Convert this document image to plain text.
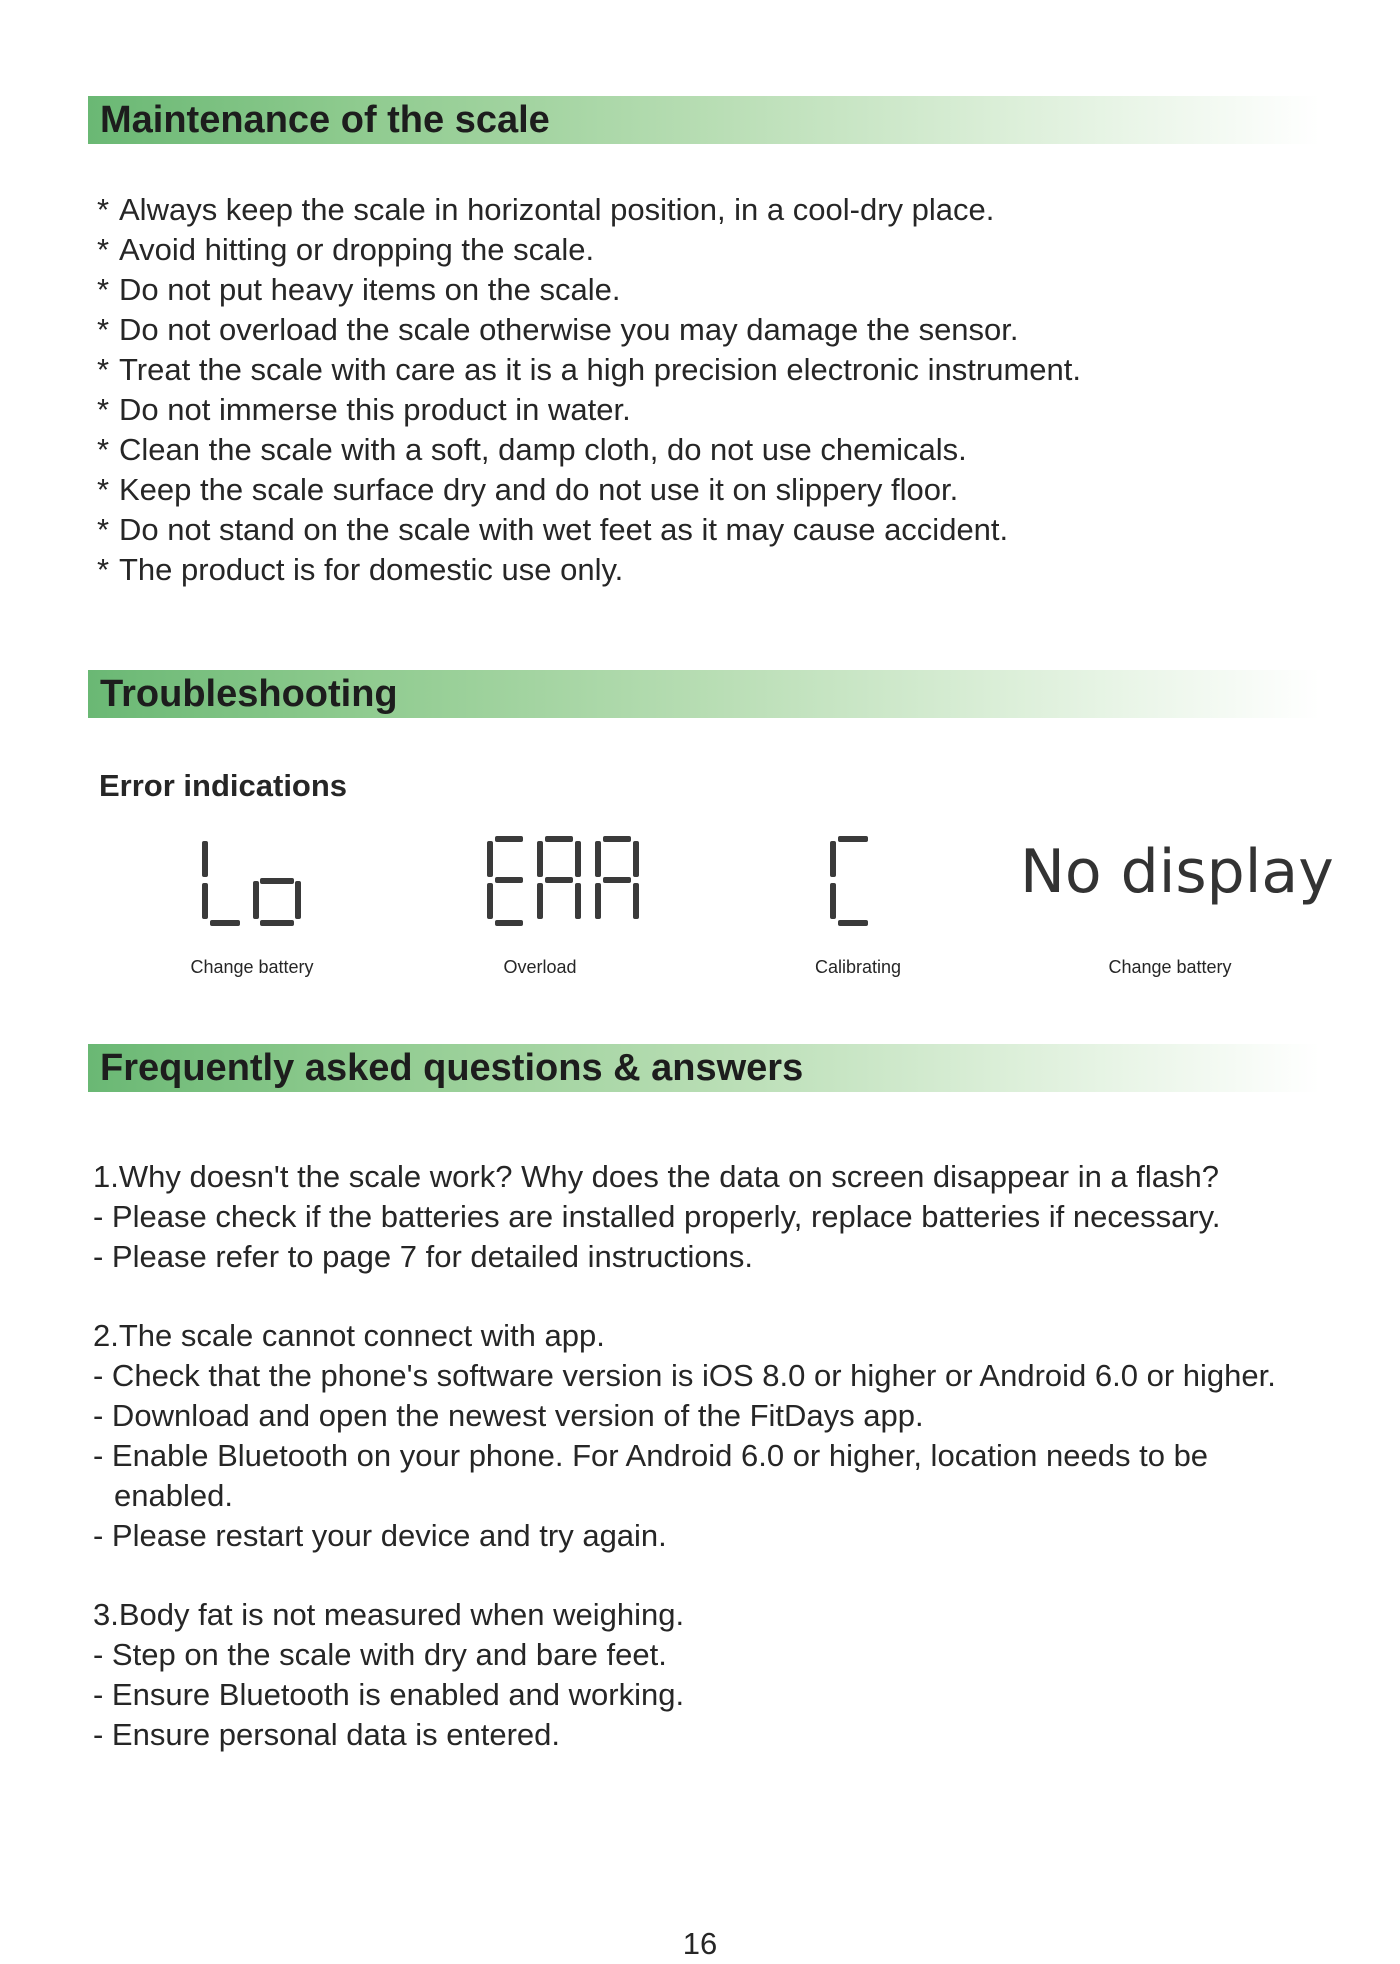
Maintenance of the scale
* Always keep the scale in horizontal position, in a cool-dry place.
* Avoid hitting or dropping the scale.
* Do not put heavy items on the scale.
* Do not overload the scale otherwise you may damage the sensor.
* Treat the scale with care as it is a high precision electronic instrument.
* Do not immerse this product in water.
* Clean the scale with a soft, damp cloth, do not use chemicals.
* Keep the scale surface dry and do not use it on slippery floor.
* Do not stand on the scale with wet feet as it may cause accident.
* The product is for domestic use only.
Troubleshooting
Error indications
Change battery	Overload	Calibrating
No display
Change battery
Frequently asked questions & answers

1.Why doesn't the scale work? Why does the data on screen disappear in a flash?

- Please check if the batteries are installed properly, replace batteries if necessary.

- Please refer to page 7 for detailed instructions.

2.The scale cannot connect with app.

- Check that the phone's software version is iOS 8.0 or higher or Android 6.0 or higher.

- Download and open the newest version of the FitDays app.

- Enable Bluetooth on your phone. For Android 6.0 or higher, location needs to be

enabled.

- Please restart your device and try again.

3.Body fat is not measured when weighing.

- Step on the scale with dry and bare feet.

- Ensure Bluetooth is enabled and working.

- Ensure personal data is entered.

16
